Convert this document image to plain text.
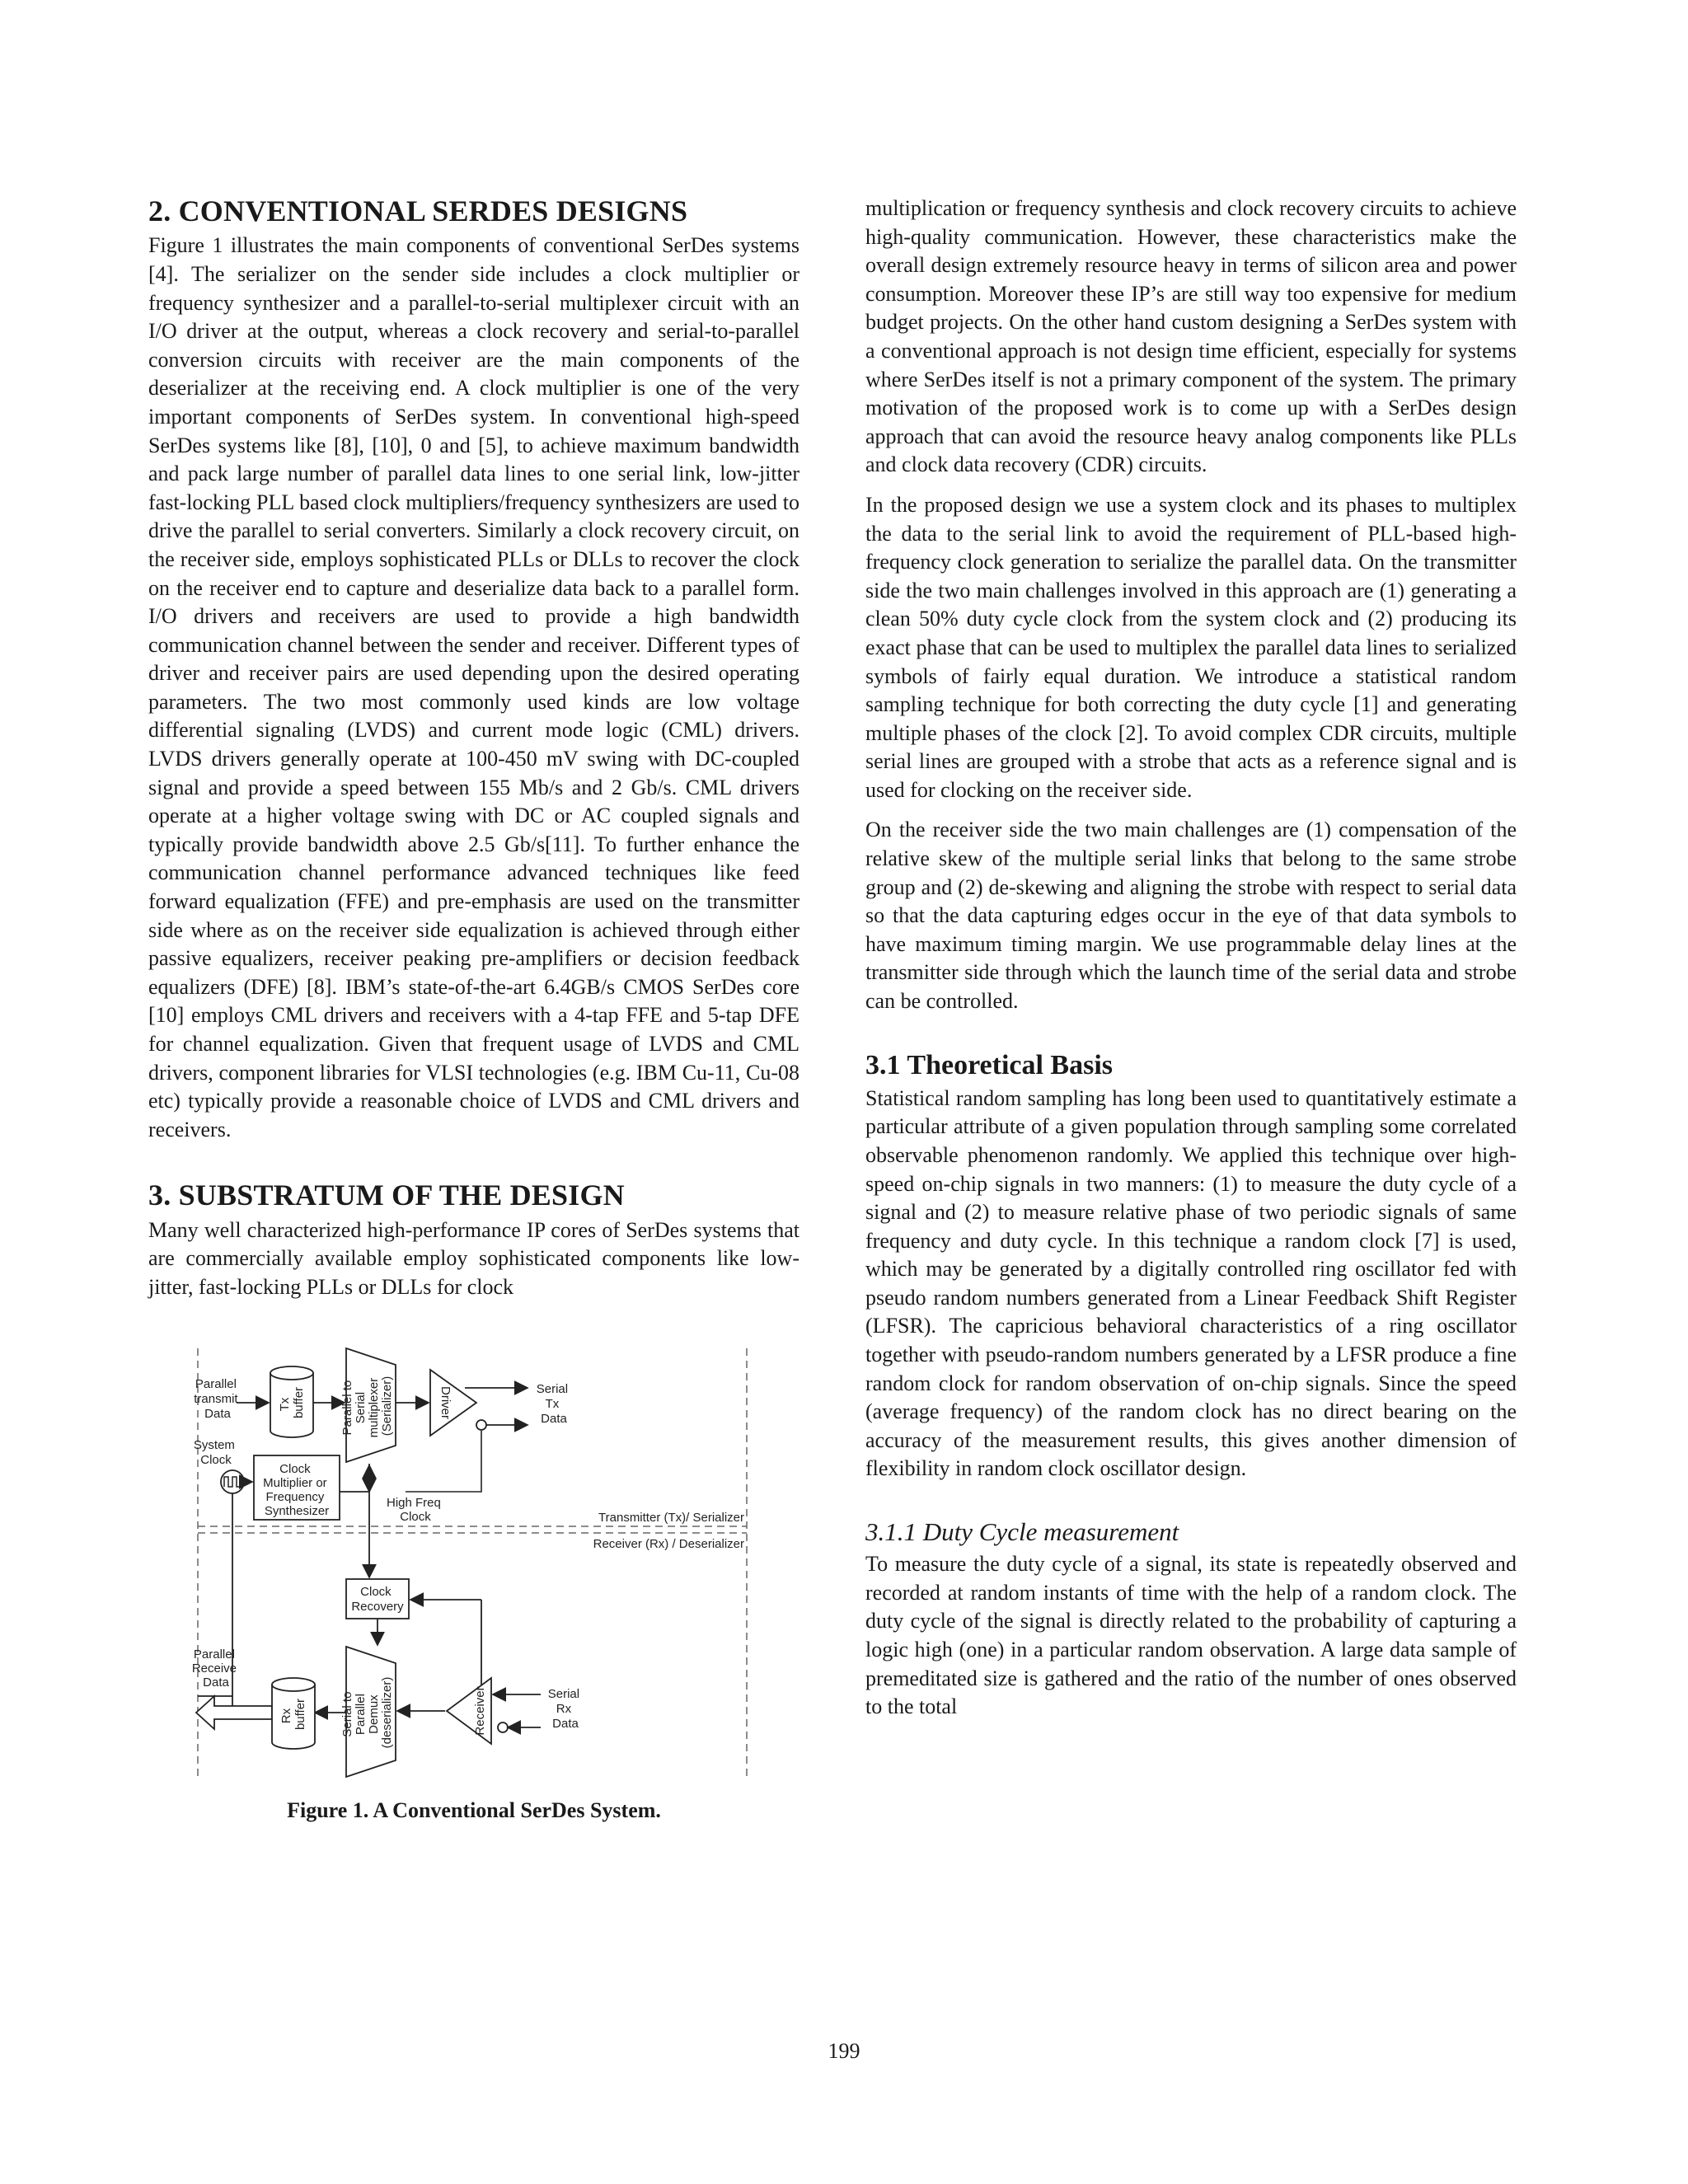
2. CONVENTIONAL SERDES DESIGNS

Figure 1 illustrates the main components of conventional SerDes systems [4]. The serializer on the sender side includes a clock multiplier or frequency synthesizer and a parallel-to-serial multiplexer circuit with an I/O driver at the output, whereas a clock recovery and serial-to-parallel conversion circuits with receiver are the main components of the deserializer at the receiving end. A clock multiplier is one of the very important components of SerDes system. In conventional high-speed SerDes systems like [8], [10], 0 and [5], to achieve maximum bandwidth and pack large number of parallel data lines to one serial link, low-jitter fast-locking PLL based clock multipliers/frequency synthesizers are used to drive the parallel to serial converters. Similarly a clock recovery circuit, on the receiver side, employs sophisticated PLLs or DLLs to recover the clock on the receiver end to capture and deserialize data back to a parallel form. I/O drivers and receivers are used to provide a high bandwidth communication channel between the sender and receiver. Different types of driver and receiver pairs are used depending upon the desired operating parameters. The two most commonly used kinds are low voltage differential signaling (LVDS) and current mode logic (CML) drivers. LVDS drivers generally operate at 100-450 mV swing with DC-coupled signal and provide a speed between 155 Mb/s and 2 Gb/s. CML drivers operate at a higher voltage swing with DC or AC coupled signals and typically provide bandwidth above 2.5 Gb/s[11]. To further enhance the communication channel performance advanced techniques like feed forward equalization (FFE) and pre-emphasis are used on the transmitter side where as on the receiver side equalization is achieved through either passive equalizers, receiver peaking pre-amplifiers or decision feedback equalizers (DFE) [8]. IBM’s state-of-the-art 6.4GB/s CMOS SerDes core [10] employs CML drivers and receivers with a 4-tap FFE and 5-tap DFE for channel equalization. Given that frequent usage of LVDS and CML drivers, component libraries for VLSI technologies (e.g. IBM Cu-11, Cu-08 etc) typically provide a reasonable choice of LVDS and CML drivers and receivers.

3. SUBSTRATUM OF THE DESIGN

Many well characterized high-performance IP cores of SerDes systems that are commercially available employ sophisticated components like low-jitter, fast-locking PLLs or DLLs for clock

Tx buffer	Parallel to Serial multiplexer (Serializer)	Driver
Clock Multiplier or Frequency Synthesizer
Clock Recovery
Serial to Parallel Demux (deserializer)
Rx buffer	Receiver
Parallel transmit Data
System Clock
Serial Tx Data
High Freq Clock	Transmitter (Tx)/ Serializer
Receiver (Rx) / Deserializer
Parallel Receive Data
Serial Rx Data
Figure 1. A Conventional SerDes System.

multiplication or frequency synthesis and clock recovery circuits to achieve high-quality communication. However, these characteristics make the overall design extremely resource heavy in terms of silicon area and power consumption. Moreover these IP’s are still way too expensive for medium budget projects. On the other hand custom designing a SerDes system with a conventional approach is not design time efficient, especially for systems where SerDes itself is not a primary component of the system. The primary motivation of the proposed work is to come up with a SerDes design approach that can avoid the resource heavy analog components like PLLs and clock data recovery (CDR) circuits.

In the proposed design we use a system clock and its phases to multiplex the data to the serial link to avoid the requirement of PLL-based high-frequency clock generation to serialize the parallel data. On the transmitter side the two main challenges involved in this approach are (1) generating a clean 50% duty cycle clock from the system clock and (2) producing its exact phase that can be used to multiplex the parallel data lines to serialized symbols of fairly equal duration. We introduce a statistical random sampling technique for both correcting the duty cycle [1] and generating multiple phases of the clock [2]. To avoid complex CDR circuits, multiple serial lines are grouped with a strobe that acts as a reference signal and is used for clocking on the receiver side.

On the receiver side the two main challenges are (1) compensation of the relative skew of the multiple serial links that belong to the same strobe group and (2) de-skewing and aligning the strobe with respect to serial data so that the data capturing edges occur in the eye of that data symbols to have maximum timing margin. We use programmable delay lines at the transmitter side through which the launch time of the serial data and strobe can be controlled.

3.1 Theoretical Basis

Statistical random sampling has long been used to quantitatively estimate a particular attribute of a given population through sampling some correlated observable phenomenon randomly. We applied this technique over high-speed on-chip signals in two manners: (1) to measure the duty cycle of a signal and (2) to measure relative phase of two periodic signals of same frequency and duty cycle. In this technique a random clock [7] is used, which may be generated by a digitally controlled ring oscillator fed with pseudo random numbers generated from a Linear Feedback Shift Register (LFSR). The capricious behavioral characteristics of a ring oscillator together with pseudo-random numbers generated by a LFSR produce a fine random clock for random observation of on-chip signals. Since the speed (average frequency) of the random clock has no direct bearing on the accuracy of the measurement results, this gives another dimension of flexibility in random clock oscillator design.

3.1.1 Duty Cycle measurement

To measure the duty cycle of a signal, its state is repeatedly observed and recorded at random instants of time with the help of a random clock. The duty cycle of the signal is directly related to the probability of capturing a logic high (one) in a particular random observation. A large data sample of premeditated size is gathered and the ratio of the number of ones observed to the total

199
